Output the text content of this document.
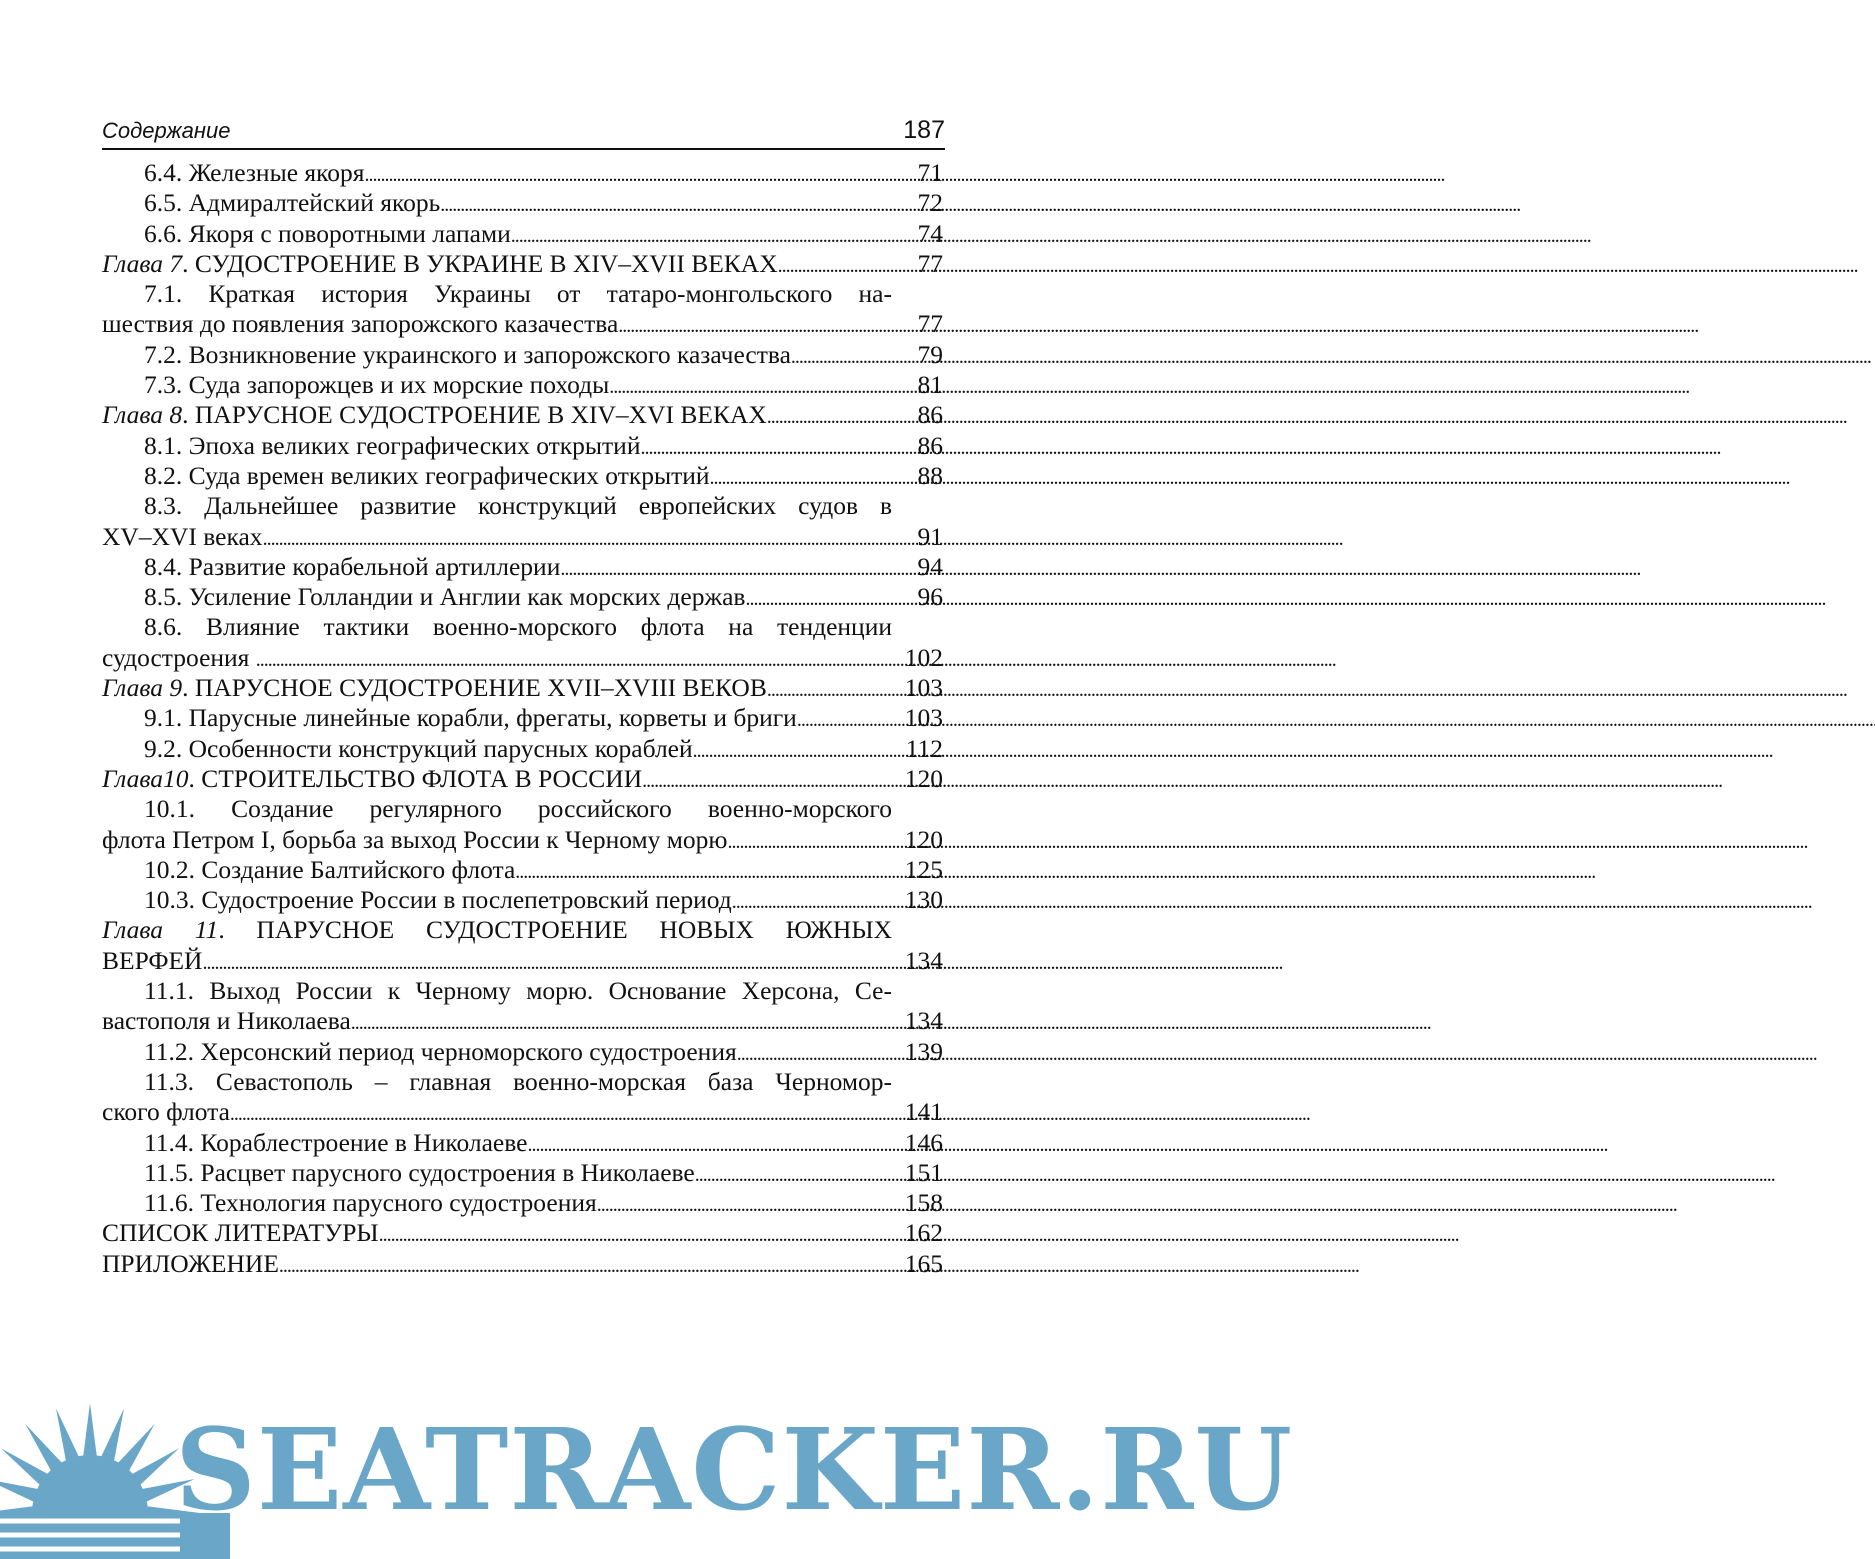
Содержание	187
6.4. Железные якоря . . .	71
6.5. Адмиралтейский якорь . . .	72
6.6. Якоря с поворотными лапами . . .	74
Глава 7. СУДОСТРОЕНИЕ В УКРАИНЕ В XIV–XVII ВЕКАХ . . .	77
7.1. Краткая история Украины от татаро-монгольского на-
шествия до появления запорожского казачества . . .	77
7.2. Возникновение украинского и запорожского казачества . . .	79
7.3. Суда запорожцев и их морские походы . . .	81
Глава 8. ПАРУСНОЕ СУДОСТРОЕНИЕ В XIV–XVI ВЕКАХ . . .	86
8.1. Эпоха великих географических открытий . . .	86
8.2. Суда времен великих географических открытий . . .	88
8.3. Дальнейшее развитие конструкций европейских судов в
XV–XVI веках . . .	91
8.4. Развитие корабельной артиллерии . . .	94
8.5. Усиление Голландии и Англии как морских держав . . .	96
8.6. Влияние тактики военно-морского флота на тенденции
судостроения . . .	102
Глава 9. ПАРУСНОЕ СУДОСТРОЕНИЕ XVII–XVIII ВЕКОВ . . .	103
9.1. Парусные линейные корабли, фрегаты, корветы и бриги . . .	103
9.2. Особенности конструкций парусных кораблей . . .	112
Глава10. СТРОИТЕЛЬСТВО ФЛОТА В РОССИИ . . .	120
10.1. Создание регулярного российского военно-морского
флота Петром I, борьба за выход России к Черному морю . . .	120
10.2. Создание Балтийского флота . . .	125
10.3. Судостроение России в послепетровский период . . .	130
Глава 11. ПАРУСНОЕ СУДОСТРОЕНИЕ НОВЫХ ЮЖНЫХ
ВЕРФЕЙ . . .	134
11.1. Выход России к Черному морю. Основание Херсона, Се-
вастополя и Николаева . . .	134
11.2. Херсонский период черноморского судостроения . . .	139
11.3. Севастополь – главная военно-морская база Черномор-
ского флота . . .	141
11.4. Кораблестроение в Николаеве . . .	146
11.5. Расцвет парусного судостроения в Николаеве . . .	151
11.6. Технология парусного судостроения . . .	158
СПИСОК ЛИТЕРАТУРЫ . . .	162
ПРИЛОЖЕНИЕ . . .	165
SEATRACKER.RU
